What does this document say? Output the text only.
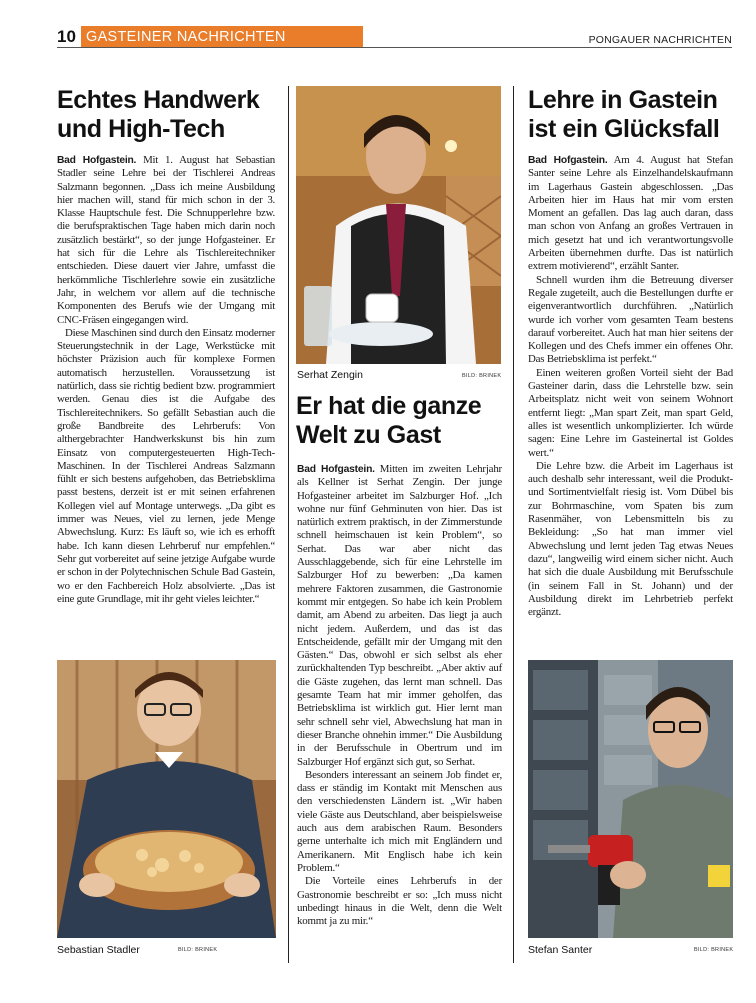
10 GASTEINER NACHRICHTEN	PONGAUER NACHRICHTEN
Echtes Handwerk
und High-Tech

Bad Hofgastein. Mit 1. August hat Sebastian Stadler seine Lehre bei der Tischlerei Andreas Salzmann begonnen. „Dass ich meine Ausbildung hier machen will, stand für mich schon in der 3. Klasse Hauptschule fest. Die Schnupperlehre bzw. die berufspraktischen Tage haben mich darin noch zusätzlich bestärkt“, so der junge Hofgasteiner. Er hat sich für die Lehre als Tischlereitechniker entschieden. Diese dauert vier Jahre, umfasst die herkömmliche Tischlerlehre sowie ein zusätzliche Jahr, in welchem vor allem auf die technische Komponenten des Berufs wie der Umgang mit CNC-Fräsen eingegangen wird.

Diese Maschinen sind durch den Einsatz moderner Steuerungstechnik in der Lage, Werkstücke mit höchster Präzision auch für komplexe Formen automatisch herzustellen. Voraussetzung ist natürlich, dass sie richtig bedient bzw. programmiert werden. Genau dies ist die Aufgabe des Tischlereitechnikers. So gefällt Sebastian auch die große Bandbreite des Lehrberufs: Von althergebrachter Handwerkskunst bis hin zum Einsatz von computergesteuerten High-Tech-Maschinen. In der Tischlerei Andreas Salzmann fühlt er sich bestens aufgehoben, das Betriebsklima passt bestens, derzeit ist er mit seinen erfahrenen Kollegen viel auf Montage unterwegs. „Da gibt es immer was Neues, viel zu lernen, jede Menge Abwechslung. Kurz: Es läuft so, wie ich es erhofft habe. Ich kann diesen Lehrberuf nur empfehlen.“ Sehr gut vorbereitet auf seine jetzige Aufgabe wurde er schon in der Polytechnischen Schule Bad Gastein, wo er den Fachbereich Holz absolvierte. „Das ist eine gute Grundlage, mit ihr geht vieles leichter.“

Sebastian Stadler	BILD: BRINEK
Serhat Zengin	BILD: BRINEK
Er hat die ganze
Welt zu Gast

Bad Hofgastein. Mitten im zweiten Lehrjahr als Kellner ist Serhat Zengin. Der junge Hofgasteiner arbeitet im Salzburger Hof. „Ich wohne nur fünf Gehminuten von hier. Das ist natürlich extrem praktisch, in der Zimmerstunde schnell heimschauen ist kein Problem“, so Serhat. Das war aber nicht das Ausschlaggebende, sich für eine Lehrstelle im Salzburger Hof zu bewerben: „Da kamen mehrere Faktoren zusammen, die Gastronomie kommt mir entgegen. So habe ich kein Problem damit, am Abend zu arbeiten. Das liegt ja auch nicht jedem. Außerdem, und das ist das Entscheidende, gefällt mir der Umgang mit den Gästen.“ Das, obwohl er sich selbst als eher zurückhaltenden Typ beschreibt. „Aber aktiv auf die Gäste zugehen, das lernt man schnell. Das gesamte Team hat mir immer geholfen, das Betriebsklima ist wirklich gut. Hier lernt man sehr schnell sehr viel, Abwechslung hat man in dieser Branche ohnehin immer.“ Die Ausbildung in der Berufsschule in Obertrum und im Salzburger Hof ergänzt sich gut, so Serhat.

Besonders interessant an seinem Job findet er, dass er ständig im Kontakt mit Menschen aus den verschiedensten Ländern ist. „Wir haben viele Gäste aus Deutschland, aber beispielsweise auch aus dem arabischen Raum. Besonders gerne unterhalte ich mich mit Engländern und Amerikanern. Mit Englisch habe ich kein Problem.“

Die Vorteile eines Lehrberufs in der Gastronomie beschreibt er so: „Ich muss nicht unbedingt hinaus in die Welt, denn die Welt kommt ja zu mir.“

Lehre in Gastein
ist ein Glücksfall

Bad Hofgastein. Am 4. August hat Stefan Santer seine Lehre als Einzelhandelskaufmann im Lagerhaus Gastein abgeschlossen. „Das Arbeiten hier im Haus hat mir vom ersten Moment an gefallen. Das lag auch daran, dass man schon von Anfang an großes Vertrauen in mich gesetzt hat und ich verantwortungsvolle Arbeiten übernehmen durfte. Das ist natürlich extrem motivierend“, erzählt Santer.

Schnell wurden ihm die Betreuung diverser Regale zugeteilt, auch die Bestellungen durfte er eigenverantwortlich durchführen. „Natürlich wurde ich vorher vom gesamten Team bestens darauf vorbereitet. Auch hat man hier seitens der Kollegen und des Chefs immer ein offenes Ohr. Das Betriebsklima ist perfekt.“

Einen weiteren großen Vorteil sieht der Bad Gasteiner darin, dass die Lehrstelle bzw. sein Arbeitsplatz nicht weit von seinem Wohnort entfernt liegt: „Man spart Zeit, man spart Geld, alles ist wesentlich unkomplizierter. Ich würde sagen: Eine Lehre im Gasteinertal ist Goldes wert.“

Die Lehre bzw. die Arbeit im Lagerhaus ist auch deshalb sehr interessant, weil die Produkt- und Sortimentvielfalt riesig ist. Vom Dübel bis zur Bohrmaschine, vom Spaten bis zum Rasenmäher, von Lebensmitteln bis zu Bekleidung: „So hat man immer viel Abwechslung und lernt jeden Tag etwas Neues dazu“, langweilig wird einem sicher nicht. Auch hat sich die duale Ausbildung mit Berufsschule (in seinem Fall in St. Johann) und der Ausbildung direkt im Lehrbetrieb perfekt ergänzt.

Stefan Santer	BILD: BRINEK
